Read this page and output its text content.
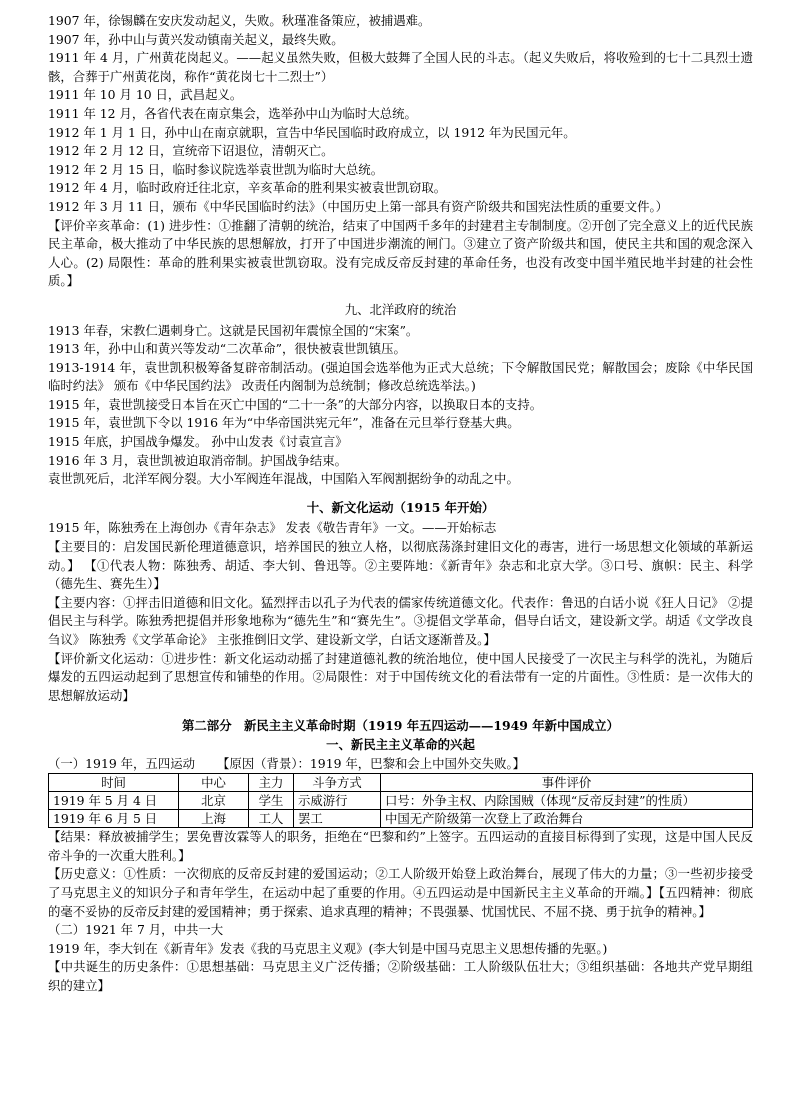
1907 年，徐锡麟在安庆发动起义，失败。秋瑾准备策应，被捕遇难。

1907 年，孙中山与黄兴发动镇南关起义，最终失败。

1911 年 4 月，广州黄花岗起义。——起义虽然失败，但极大鼓舞了全国人民的斗志。（起义失败后，将收殓到的七十二具烈士遗骸，合葬于广州黄花岗，称作“黄花岗七十二烈士”）

1911 年 10 月 10 日，武昌起义。

1911 年 12 月，各省代表在南京集会，选举孙中山为临时大总统。

1912 年 1 月 1 日，孙中山在南京就职，宣告中华民国临时政府成立，以 1912 年为民国元年。

1912 年 2 月 12 日，宣统帝下诏退位，清朝灭亡。

1912 年 2 月 15 日，临时参议院选举袁世凯为临时大总统。

1912 年 4 月，临时政府迁往北京，辛亥革命的胜利果实被袁世凯窃取。

1912 年 3 月 11 日，颁布《中华民国临时约法》（中国历史上第一部具有资产阶级共和国宪法性质的重要文件。）

【评价辛亥革命：(1) 进步性：①推翻了清朝的统治，结束了中国两千多年的封建君主专制制度。②开创了完全意义上的近代民族民主革命，极大推动了中华民族的思想解放，打开了中国进步潮流的闸门。③建立了资产阶级共和国，使民主共和国的观念深入人心。(2) 局限性：革命的胜利果实被袁世凯窃取。没有完成反帝反封建的革命任务，也没有改变中国半殖民地半封建的社会性质。】

九、北洋政府的统治

1913 年春，宋教仁遇刺身亡。这就是民国初年震惊全国的“宋案”。

1913 年，孙中山和黄兴等发动“二次革命”，很快被袁世凯镇压。

1913-1914 年，袁世凯积极筹备复辟帝制活动。(强迫国会选举他为正式大总统；下令解散国民党；解散国会；废除《中华民国临时约法》 颁布《中华民国约法》 改责任内阁制为总统制；修改总统选举法。)

1915 年，袁世凯接受日本旨在灭亡中国的“二十一条”的大部分内容，以换取日本的支持。

1915 年，袁世凯下令以 1916 年为“中华帝国洪宪元年”，准备在元旦举行登基大典。

1915 年底，护国战争爆发。 孙中山发表《讨袁宣言》

1916 年 3 月，袁世凯被迫取消帝制。护国战争结束。

袁世凯死后，北洋军阀分裂。大小军阀连年混战，中国陷入军阀割据纷争的动乱之中。

十、新文化运动（1915 年开始）

1915 年，陈独秀在上海创办《青年杂志》 发表《敬告青年》一文。——开始标志

【主要目的：启发国民新伦理道德意识，培养国民的独立人格，以彻底荡涤封建旧文化的毒害，进行一场思想文化领域的革新运动。】 【①代表人物：陈独秀、胡适、李大钊、鲁迅等。②主要阵地：《新青年》杂志和北京大学。③口号、旗帜：民主、科学（德先生、赛先生）】

【主要内容：①抨击旧道德和旧文化。猛烈抨击以孔子为代表的儒家传统道德文化。代表作：鲁迅的白话小说《狂人日记》 ②提倡民主与科学。陈独秀把提倡并形象地称为“德先生”和“赛先生”。③提倡文学革命，倡导白话文，建设新文学。胡适《文学改良刍议》 陈独秀《文学革命论》 主张推倒旧文学、建设新文学，白话文逐渐普及。】

【评价新文化运动：①进步性：新文化运动动摇了封建道德礼教的统治地位，使中国人民接受了一次民主与科学的洗礼，为随后爆发的五四运动起到了思想宣传和铺垫的作用。②局限性：对于中国传统文化的看法带有一定的片面性。③性质：是一次伟大的思想解放运动】

第二部分　新民主主义革命时期（1919 年五四运动——1949 年新中国成立）
一、新民主主义革命的兴起

（一）1919 年，五四运动 【原因（背景）：1919 年，巴黎和会上中国外交失败。】

时间	中心	主力	斗争方式	事件评价
1919 年 5 月 4 日	北京	学生	示威游行	口号：外争主权、内除国贼（体现“反帝反封建”的性质）
1919 年 6 月 5 日	上海	工人	罢工	中国无产阶级第一次登上了政治舞台

【结果：释放被捕学生；罢免曹汝霖等人的职务，拒绝在“巴黎和约”上签字。五四运动的直接目标得到了实现，这是中国人民反帝斗争的一次重大胜利。】

【历史意义：①性质：一次彻底的反帝反封建的爱国运动；②工人阶级开始登上政治舞台，展现了伟大的力量；③一些初步接受了马克思主义的知识分子和青年学生，在运动中起了重要的作用。④五四运动是中国新民主主义革命的开端。】【五四精神：彻底的毫不妥协的反帝反封建的爱国精神；勇于探索、追求真理的精神；不畏强暴、忧国忧民、不屈不挠、勇于抗争的精神。】

（二）1921 年 7 月，中共一大

1919 年，李大钊在《新青年》发表《我的马克思主义观》(李大钊是中国马克思主义思想传播的先驱。)

【中共诞生的历史条件：①思想基础：马克思主义广泛传播；②阶级基础：工人阶级队伍壮大；③组织基础：各地共产党早期组织的建立】
